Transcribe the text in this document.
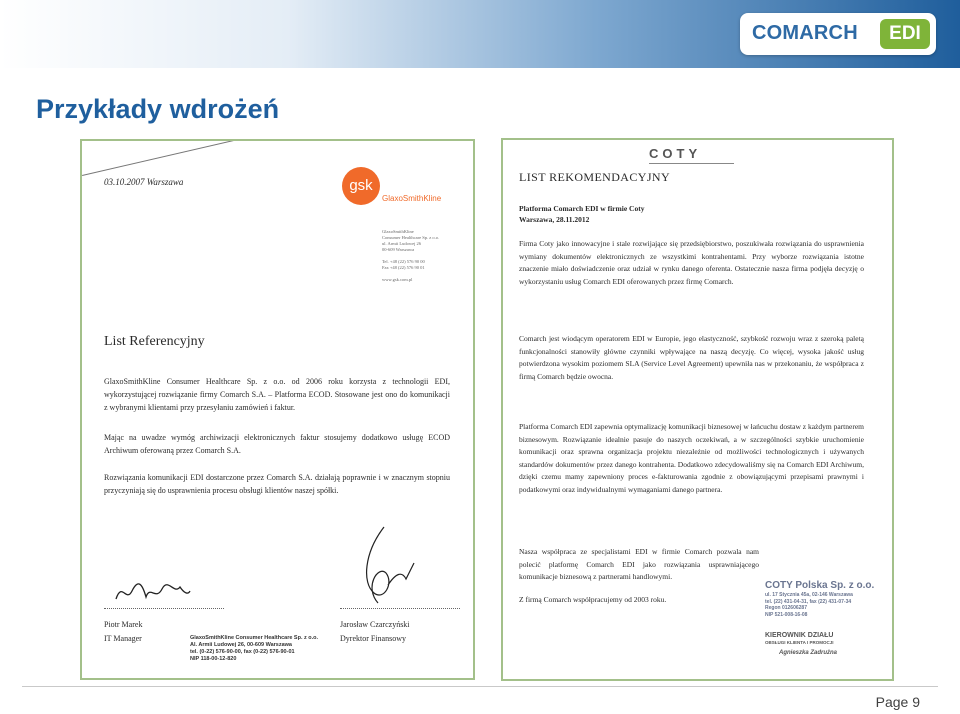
COMARCH	EDI
Przykłady wdrożeń

03.10.2007 Warszawa	gsk

GlaxoSmithKline

GlaxoSmithKline
Consumer Healthcare Sp. z o.o.
ul. Armii Ludowej 26
00-609 Warszawa
Tel. +48 (22) 576 90 00
Fax +48 (22) 576 90 01
www.gsk.com.pl

List Referencyjny

GlaxoSmithKline Consumer Healthcare Sp. z o.o. od 2006 roku korzysta z technologii EDI, wykorzystującej rozwiązanie firmy Comarch S.A. – Platforma ECOD. Stosowane jest ono do komunikacji z wybranymi klientami przy przesyłaniu zamówień i faktur.

Mając na uwadze wymóg archiwizacji elektronicznych faktur stosujemy dodatkowo usługę ECOD Archiwum oferowaną przez Comarch S.A.

Rozwiązania komunikacji EDI dostarczone przez Comarch S.A. działają poprawnie i w znacznym stopniu przyczyniają się do usprawnienia procesu obsługi klientów naszej spółki.

Piotr Marek

IT Manager	GlaxoSmithKline Consumer Healthcare Sp. z o.o.
Al. Armii Ludowej 26, 00-609 Warszawa
tel. (0-22) 576-90-00, fax (0-22) 576-90-01
NIP 118-00-12-820

Jarosław Czarczyński

Dyrektor Finansowy

COTY

LIST REKOMENDACYJNY

Platforma Comarch EDI w firmie Coty
Warszawa, 28.11.2012

Firma Coty jako innowacyjne i stale rozwijające się przedsiębiorstwo, poszukiwała rozwiązania do usprawnienia wymiany dokumentów elektronicznych ze wszystkimi kontrahentami. Przy wyborze rozwiązania istotne znaczenie miało doświadczenie oraz udział w rynku danego oferenta. Ostatecznie nasza firma podjęła decyzję o wykorzystaniu usług Comarch EDI oferowanych przez firmę Comarch.

Comarch jest wiodącym operatorem EDI w Europie, jego elastyczność, szybkość rozwoju wraz z szeroką paletą funkcjonalności stanowiły główne czynniki wpływające na naszą decyzję. Co więcej, wysoka jakość usług potwierdzona wysokim poziomem SLA (Service Level Agreement) upewniła nas w przekonaniu, że współpraca z firmą Comarch będzie owocna.

Platforma Comarch EDI zapewnia optymalizację komunikacji biznesowej w łańcuchu dostaw z każdym partnerem biznesowym. Rozwiązanie idealnie pasuje do naszych oczekiwań, a w szczególności szybkie uruchomienie komunikacji oraz sprawna organizacja projektu niezależnie od możliwości technologicznych i używanych standardów dokumentów przez danego kontrahenta. Dodatkowo zdecydowaliśmy się na Comarch EDI Archiwum, dzięki czemu mamy zapewniony proces e-fakturowania zgodnie z obowiązującymi przepisami prawnymi i podatkowymi oraz indywidualnymi wymaganiami danego partnera.

Nasza współpraca ze specjalistami EDI w firmie Comarch pozwala nam polecić platformę Comarch EDI jako rozwiązania usprawniającego komunikacje biznesową z partnerami handlowymi.

Z firmą Comarch współpracujemy od 2003 roku.

COTY Polska Sp. z o.o.
ul. 17 Stycznia 45a, 02-146 Warszawa
tel. (22) 431-04-31, fax (22) 431-07-34
Regon 012606287
NIP 521-008-16-08
KIEROWNIK DZIAŁU
OBSŁUGI KLIENTA I PROMOCJI
Agnieszka Zadrużna
Page 9
